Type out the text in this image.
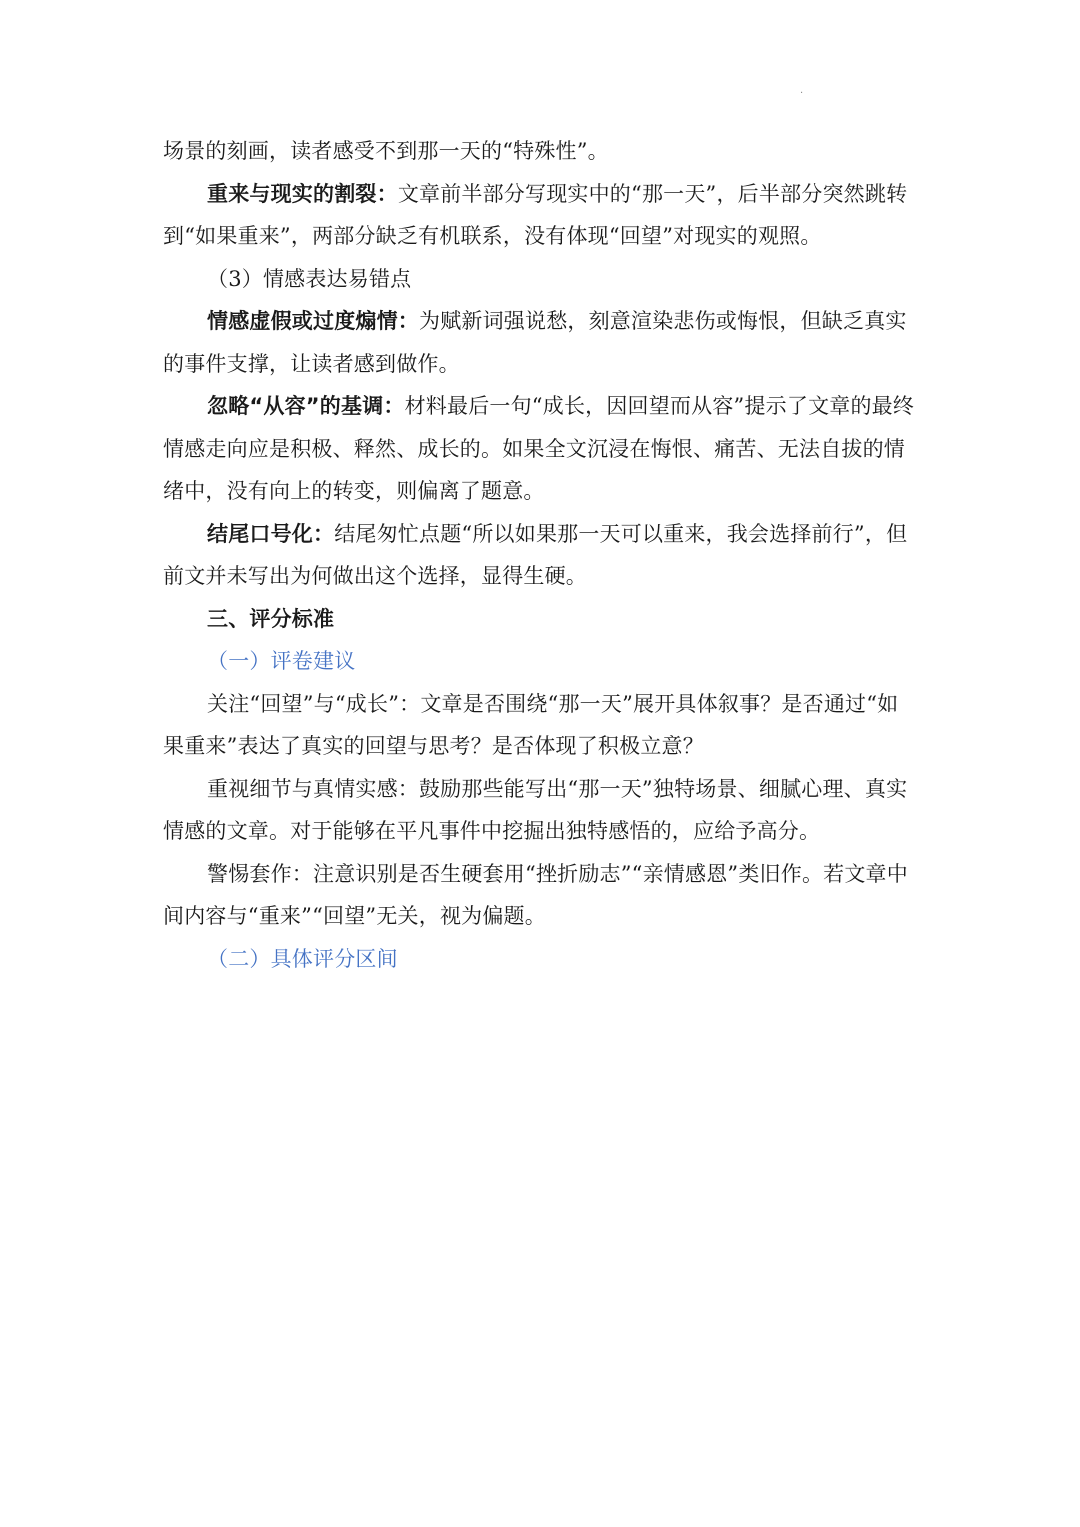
·

场景的刻画，读者感受不到那一天的“特殊性”。

重来与现实的割裂：文章前半部分写现实中的“那一天”，后半部分突然跳转到“如果重来”，两部分缺乏有机联系，没有体现“回望”对现实的观照。

（3）情感表达易错点

情感虚假或过度煽情：为赋新词强说愁，刻意渲染悲伤或悔恨，但缺乏真实的事件支撑，让读者感到做作。

忽略“从容”的基调：材料最后一句“成长，因回望而从容”提示了文章的最终情感走向应是积极、释然、成长的。如果全文沉浸在悔恨、痛苦、无法自拔的情绪中，没有向上的转变，则偏离了题意。

结尾口号化：结尾匆忙点题“所以如果那一天可以重来，我会选择前行”，但前文并未写出为何做出这个选择，显得生硬。

三、评分标准

（一）评卷建议

关注“回望”与“成长”：文章是否围绕“那一天”展开具体叙事？是否通过“如果重来”表达了真实的回望与思考？是否体现了积极立意？

重视细节与真情实感：鼓励那些能写出“那一天”独特场景、细腻心理、真实情感的文章。对于能够在平凡事件中挖掘出独特感悟的，应给予高分。

警惕套作：注意识别是否生硬套用“挫折励志”“亲情感恩”类旧作。若文章中间内容与“重来”“回望”无关，视为偏题。

（二）具体评分区间
